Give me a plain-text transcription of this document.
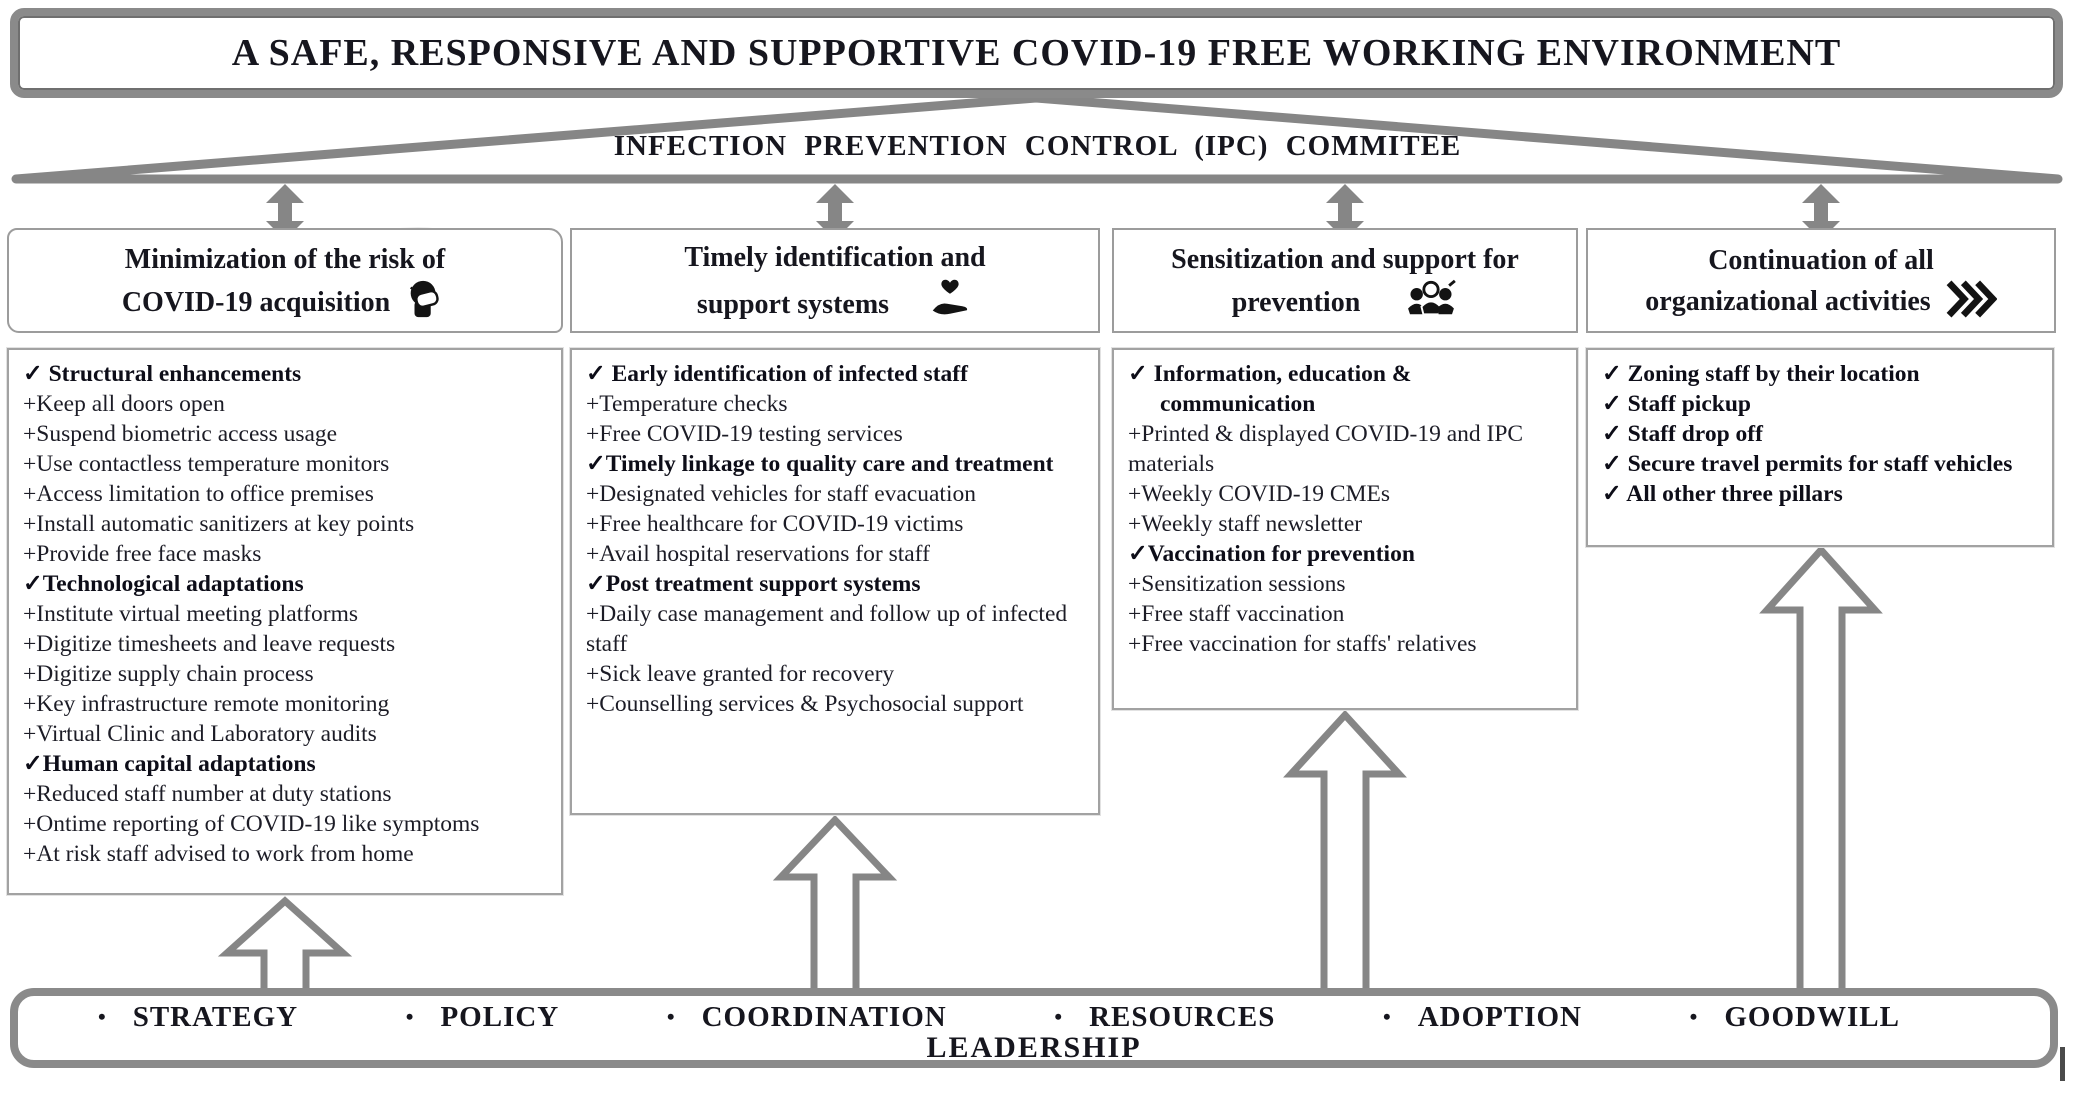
A SAFE, RESPONSIVE AND SUPPORTIVE COVID-19 FREE WORKING ENVIRONMENT
INFECTION PREVENTION CONTROL (IPC) COMMITEE
Minimization of the risk of
COVID-19 acquisition
Timely identification and
support systems
Sensitization and support for
prevention
Continuation of all
organizational activities
✓ Structural enhancements
+Keep all doors open
+Suspend biometric access usage
+Use contactless temperature monitors
+Access limitation to office premises
+Install automatic sanitizers at key points
+Provide free face masks
✓Technological adaptations
+Institute virtual meeting platforms
+Digitize timesheets and leave requests
+Digitize supply chain process
+Key infrastructure remote monitoring
+Virtual Clinic and Laboratory audits
✓Human capital adaptations
+Reduced staff number at duty stations
+Ontime reporting of COVID-19 like symptoms
+At risk staff advised to work from home
✓ Early identification of infected staff
+Temperature checks
+Free COVID-19 testing services
✓Timely linkage to quality care and treatment
+Designated vehicles for staff evacuation
+Free healthcare for COVID-19 victims
+Avail hospital reservations for staff
✓Post treatment support systems
+Daily case management and follow up of infected staff
+Sick leave granted for recovery
+Counselling services & Psychosocial support
✓ Information, education & communication
+Printed & displayed COVID-19 and IPC materials
+Weekly COVID-19 CMEs
+Weekly staff newsletter
✓Vaccination for prevention
+Sensitization sessions
+Free staff vaccination
+Free vaccination for staffs' relatives
✓ Zoning staff by their location
✓ Staff pickup
✓ Staff drop off
✓ Secure travel permits for staff vehicles
✓ All other three pillars
• STRATEGY	• POLICY	• COORDINATION	• RESOURCES	• ADOPTION	• GOODWILL
LEADERSHIP
